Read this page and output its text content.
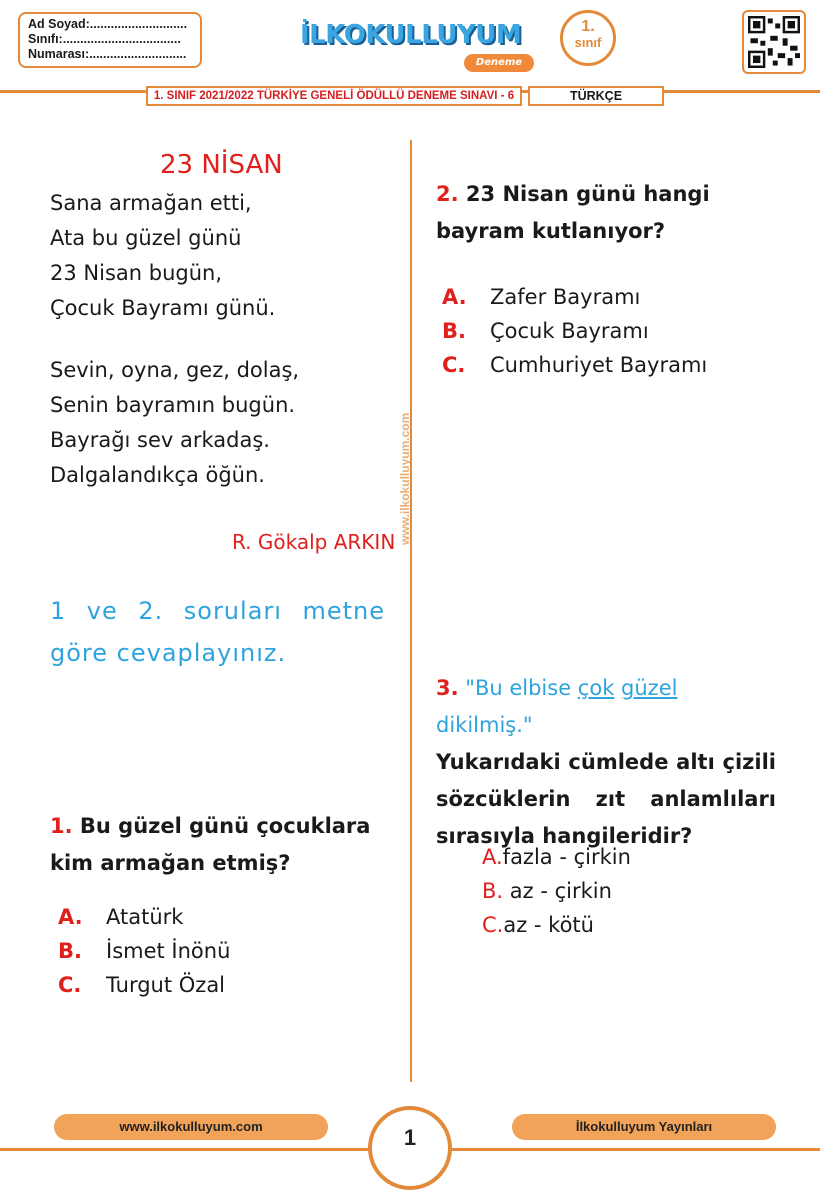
Ad Soyad:............................
Sınıfı:..................................
Numarası:............................
İLKOKULLUYUM
Deneme
1.
sınıf
1. SINIF 2021/2022 TÜRKİYE GENELİ ÖDÜLLÜ DENEME SINAVI - 6	TÜRKÇE
www.ilkokulluyum.com
23 NİSAN

Sana armağan etti,

Ata bu güzel günü

23 Nisan bugün,

Çocuk Bayramı günü.

Sevin, oyna, gez, dolaş,

Senin bayramın bugün.

Bayrağı sev arkadaş.

Dalgalandıkça öğün.

R. Gökalp ARKIN
1 ve 2. soruları metne göre cevaplayınız.
1. Bu güzel günü çocuklara kim armağan etmiş?
A. Atatürk
B. İsmet İnönü
C. Turgut Özal
2. 23 Nisan günü hangi bayram kutlanıyor?
A. Zafer Bayramı
B. Çocuk Bayramı
C. Cumhuriyet Bayramı
3. "Bu elbise çok güzel dikilmiş."
Yukarıdaki cümlede altı çizili sözcüklerin zıt anlamlıları sırasıyla hangileridir?
A.fazla - çirkin
B. az - çirkin
C.az - kötü
www.ilkokulluyum.com	İlkokulluyum Yayınları
1
